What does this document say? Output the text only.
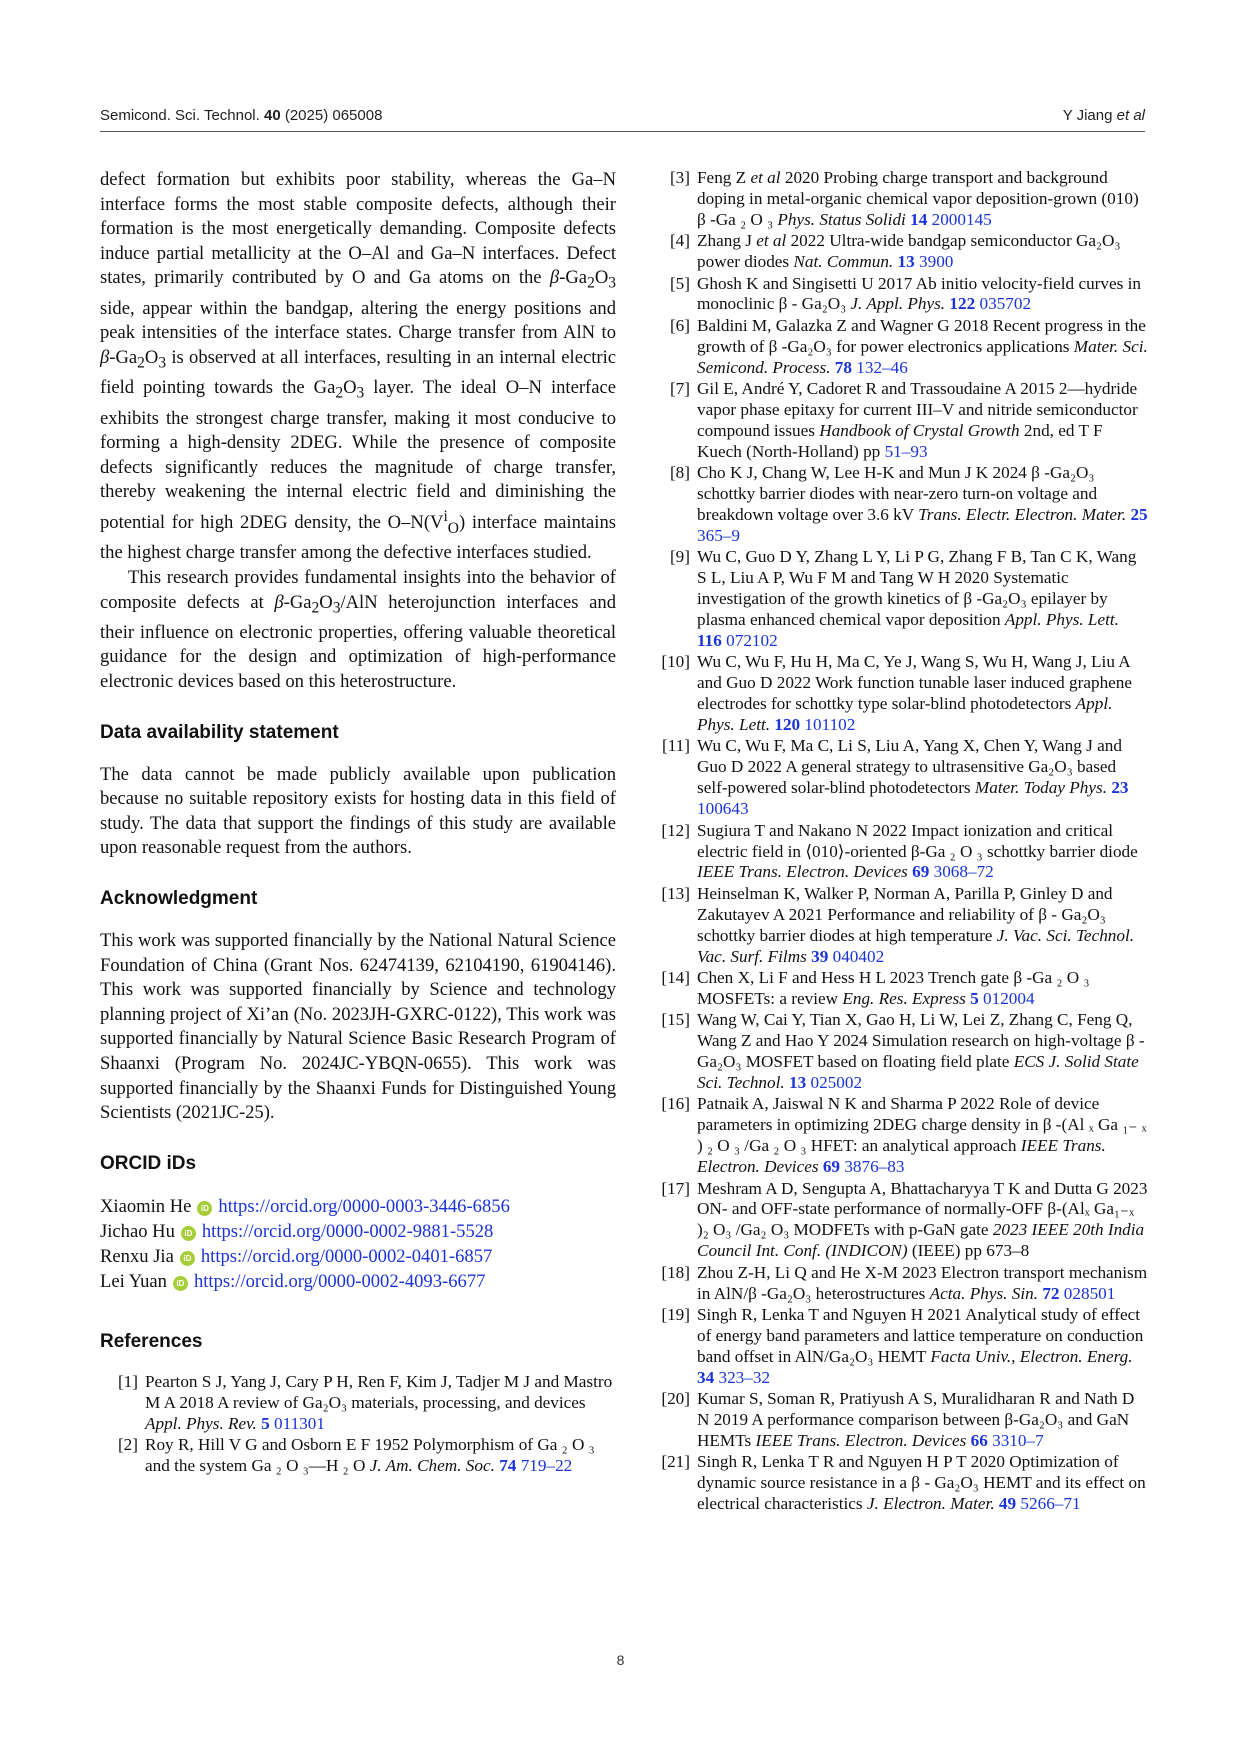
Semicond. Sci. Technol. 40 (2025) 065008	Y Jiang et al

defect formation but exhibits poor stability, whereas the Ga–N interface forms the most stable composite defects, although their formation is the most energetically demanding. Composite defects induce partial metallicity at the O–Al and Ga–N interfaces. Defect states, primarily contributed by O and Ga atoms on the $\beta-Ga_2O_3$ side, appear within the bandgap, altering the energy positions and peak intensities of the interface states. Charge transfer from AlN to $\beta-Ga_2O_3$ is observed at all interfaces, resulting in an internal electric field pointing towards the $Ga_2O_3$ layer. The ideal O–N interface exhibits the strongest charge transfer, making it most conducive to forming a high-density 2DEG. While the presence of composite defects significantly reduces the magnitude of charge transfer, thereby weakening the internal electric field and diminishing the potential for high 2DEG density, the $O-N(V^i_O)$ interface maintains the highest charge transfer among the defective interfaces studied.

This research provides fundamental insights into the behavior of composite defects at $\beta-Ga_2O_3$/AlN heterojunction interfaces and their influence on electronic properties, offering valuable theoretical guidance for the design and optimization of high-performance electronic devices based on this heterostructure.

Data availability statement

The data cannot be made publicly available upon publication because no suitable repository exists for hosting data in this field of study. The data that support the findings of this study are available upon reasonable request from the authors.

Acknowledgment

This work was supported financially by the National Natural Science Foundation of China (Grant Nos. 62474139, 62104190, 61904146). This work was supported financially by Science and technology planning project of Xi’an (No. 2023JH-GXRC-0122), This work was supported financially by Natural Science Basic Research Program of Shaanxi (Program No. 2024JC-YBQN-0655). This work was supported financially by the Shaanxi Funds for Distinguished Young Scientists (2021JC-25).

ORCID iDs
Xiaomin He iD https://orcid.org/0000-0003-3446-6856
Jichao Hu iD https://orcid.org/0000-0002-9881-5528
Renxu Jia iD https://orcid.org/0000-0002-0401-6857
Lei Yuan iD https://orcid.org/0000-0002-4093-6677
References
[1] Pearton S J, Yang J, Cary P H, Ren F, Kim J, Tadjer M J and Mastro M A 2018 A review of Ga₂O₃ materials, processing, and devices Appl. Phys. Rev. 5 011301
[2] Roy R, Hill V G and Osborn E F 1952 Polymorphism of Ga ₂ O ₃ and the system Ga ₂ O ₃—H ₂ O J. Am. Chem. Soc. 74 719–22
[3] Feng Z et al 2020 Probing charge transport and background doping in metal-organic chemical vapor deposition-grown (010) β -Ga ₂ O ₃ Phys. Status Solidi 14 2000145
[4] Zhang J et al 2022 Ultra-wide bandgap semiconductor Ga₂O₃ power diodes Nat. Commun. 13 3900
[5] Ghosh K and Singisetti U 2017 Ab initio velocity-field curves in monoclinic β - Ga₂O₃ J. Appl. Phys. 122 035702
[6] Baldini M, Galazka Z and Wagner G 2018 Recent progress in the growth of β -Ga₂O₃ for power electronics applications Mater. Sci. Semicond. Process. 78 132–46
[7] Gil E, André Y, Cadoret R and Trassoudaine A 2015 2—hydride vapor phase epitaxy for current III–V and nitride semiconductor compound issues Handbook of Crystal Growth 2nd, ed T F Kuech (North-Holland) pp 51–93
[8] Cho K J, Chang W, Lee H-K and Mun J K 2024 β -Ga₂O₃ schottky barrier diodes with near-zero turn-on voltage and breakdown voltage over 3.6 kV Trans. Electr. Electron. Mater. 25 365–9
[9] Wu C, Guo D Y, Zhang L Y, Li P G, Zhang F B, Tan C K, Wang S L, Liu A P, Wu F M and Tang W H 2020 Systematic investigation of the growth kinetics of β -Ga₂O₃ epilayer by plasma enhanced chemical vapor deposition Appl. Phys. Lett. 116 072102
[10] Wu C, Wu F, Hu H, Ma C, Ye J, Wang S, Wu H, Wang J, Liu A and Guo D 2022 Work function tunable laser induced graphene electrodes for schottky type solar-blind photodetectors Appl. Phys. Lett. 120 101102
[11] Wu C, Wu F, Ma C, Li S, Liu A, Yang X, Chen Y, Wang J and Guo D 2022 A general strategy to ultrasensitive Ga₂O₃ based self-powered solar-blind photodetectors Mater. Today Phys. 23 100643
[12] Sugiura T and Nakano N 2022 Impact ionization and critical electric field in ⟨010⟩-oriented β-Ga ₂ O ₃ schottky barrier diode IEEE Trans. Electron. Devices 69 3068–72
[13] Heinselman K, Walker P, Norman A, Parilla P, Ginley D and Zakutayev A 2021 Performance and reliability of β - Ga₂O₃ schottky barrier diodes at high temperature J. Vac. Sci. Technol. Vac. Surf. Films 39 040402
[14] Chen X, Li F and Hess H L 2023 Trench gate β -Ga ₂ O ₃ MOSFETs: a review Eng. Res. Express 5 012004
[15] Wang W, Cai Y, Tian X, Gao H, Li W, Lei Z, Zhang C, Feng Q, Wang Z and Hao Y 2024 Simulation research on high-voltage β -Ga₂O₃ MOSFET based on floating field plate ECS J. Solid State Sci. Technol. 13 025002
[16] Patnaik A, Jaiswal N K and Sharma P 2022 Role of device parameters in optimizing 2DEG charge density in β -(Al ₓ Ga ₁₋ ₓ ) ₂ O ₃ /Ga ₂ O ₃ HFET: an analytical approach IEEE Trans. Electron. Devices 69 3876–83
[17] Meshram A D, Sengupta A, Bhattacharyya T K and Dutta G 2023 ON- and OFF-state performance of normally-OFF β-(Alₓ Ga₁₋ₓ )₂ O₃ /Ga₂ O₃ MODFETs with p-GaN gate 2023 IEEE 20th India Council Int. Conf. (INDICON) (IEEE) pp 673–8
[18] Zhou Z-H, Li Q and He X-M 2023 Electron transport mechanism in AlN/β -Ga₂O₃ heterostructures Acta. Phys. Sin. 72 028501
[19] Singh R, Lenka T and Nguyen H 2021 Analytical study of effect of energy band parameters and lattice temperature on conduction band offset in AlN/Ga₂O₃ HEMT Facta Univ., Electron. Energ. 34 323–32
[20] Kumar S, Soman R, Pratiyush A S, Muralidharan R and Nath D N 2019 A performance comparison between β-Ga₂O₃ and GaN HEMTs IEEE Trans. Electron. Devices 66 3310–7
[21] Singh R, Lenka T R and Nguyen H P T 2020 Optimization of dynamic source resistance in a β - Ga₂O₃ HEMT and its effect on electrical characteristics J. Electron. Mater. 49 5266–71
8
